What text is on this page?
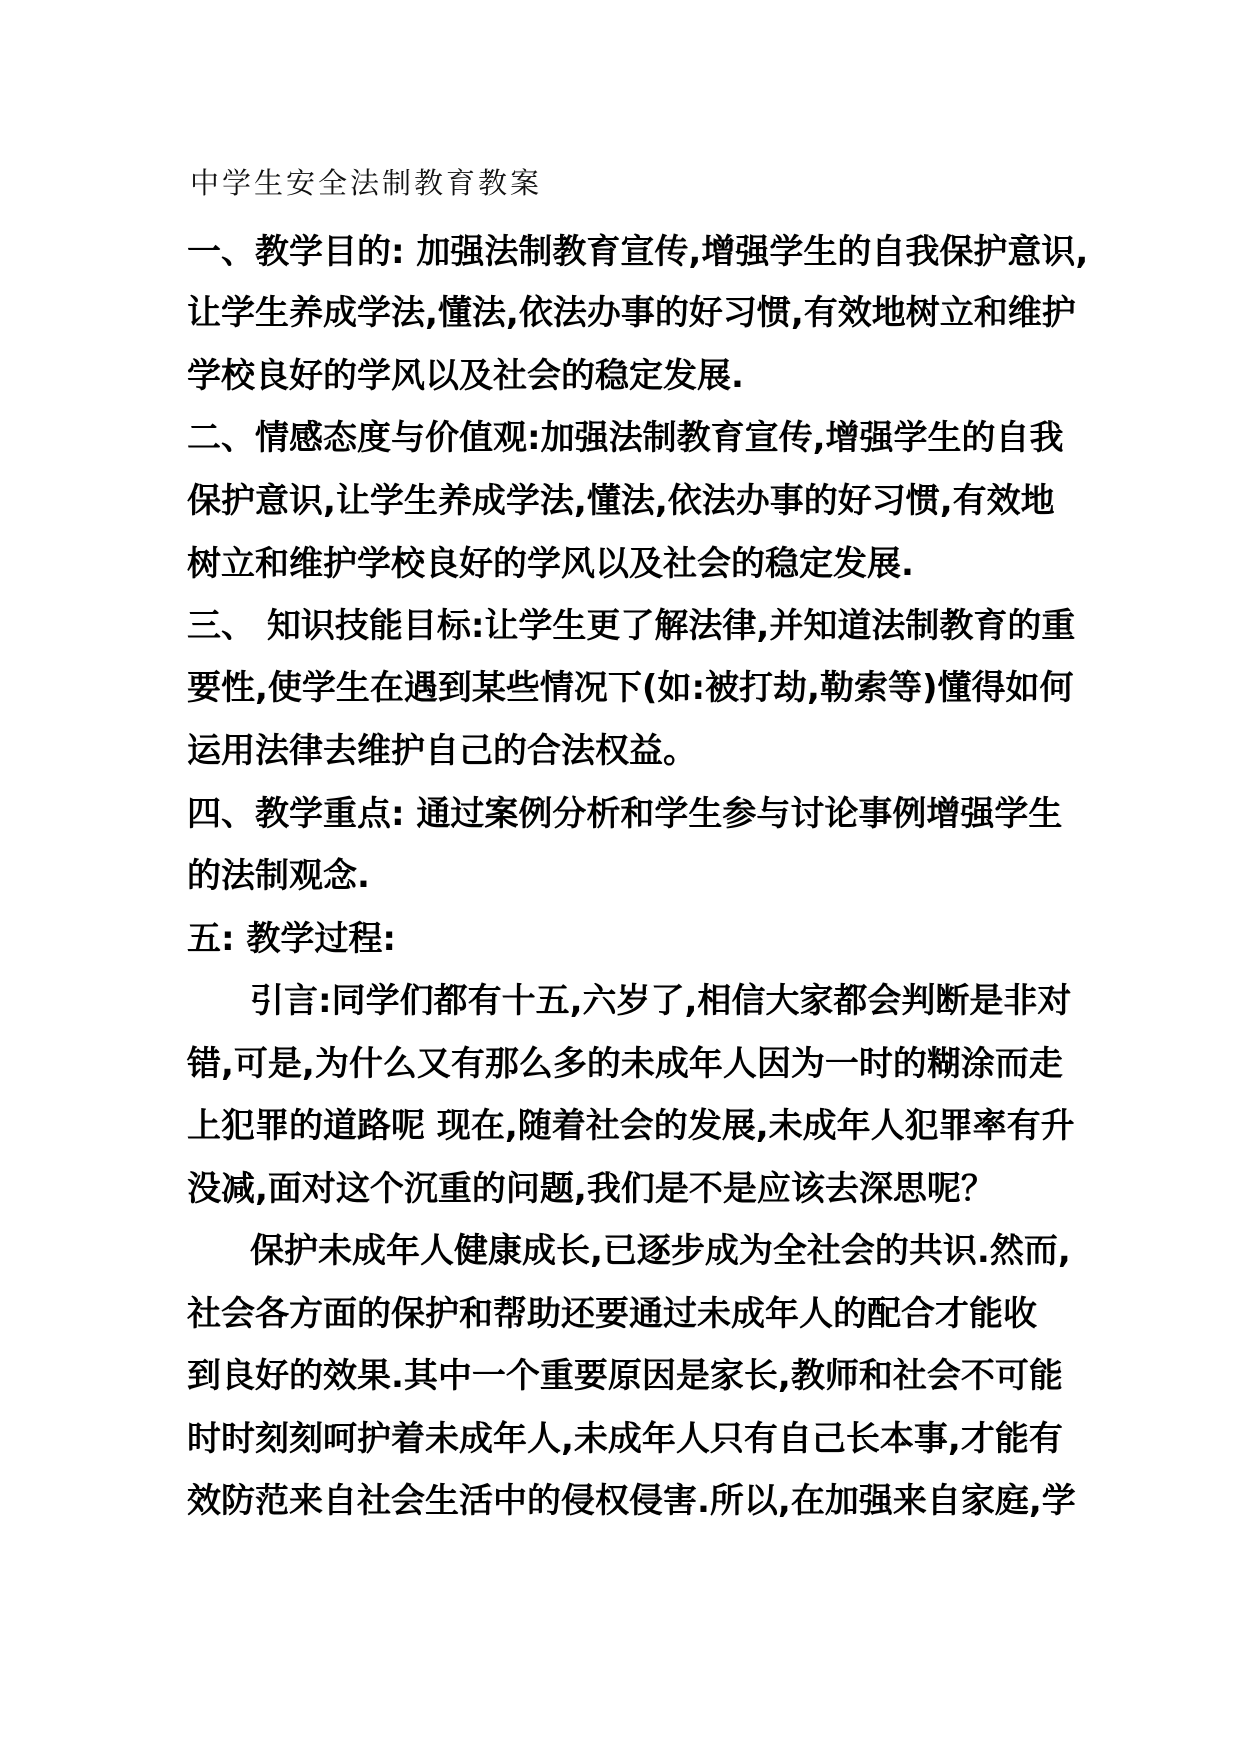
中学生安全法制教育教案
一、教学目的: 加强法制教育宣传,增强学生的自我保护意识,
让学生养成学法,懂法,依法办事的好习惯,有效地树立和维护
学校良好的学风以及社会的稳定发展.
二、情感态度与价值观:加强法制教育宣传,增强学生的自我
保护意识,让学生养成学法,懂法,依法办事的好习惯,有效地
树立和维护学校良好的学风以及社会的稳定发展.
三、 知识技能目标:让学生更了解法律,并知道法制教育的重
要性,使学生在遇到某些情况下(如:被打劫,勒索等)懂得如何
运用法律去维护自己的合法权益。
四、教学重点: 通过案例分析和学生参与讨论事例增强学生
的法制观念.
五: 教学过程:
引言:同学们都有十五,六岁了,相信大家都会判断是非对
错,可是,为什么又有那么多的未成年人因为一时的糊涂而走
上犯罪的道路呢 现在,随着社会的发展,未成年人犯罪率有升
没减,面对这个沉重的问题,我们是不是应该去深思呢？
保护未成年人健康成长,已逐步成为全社会的共识.然而,
社会各方面的保护和帮助还要通过未成年人的配合才能收
到良好的效果.其中一个重要原因是家长,教师和社会不可能
时时刻刻呵护着未成年人,未成年人只有自己长本事,才能有
效防范来自社会生活中的侵权侵害.所以,在加强来自家庭,学
